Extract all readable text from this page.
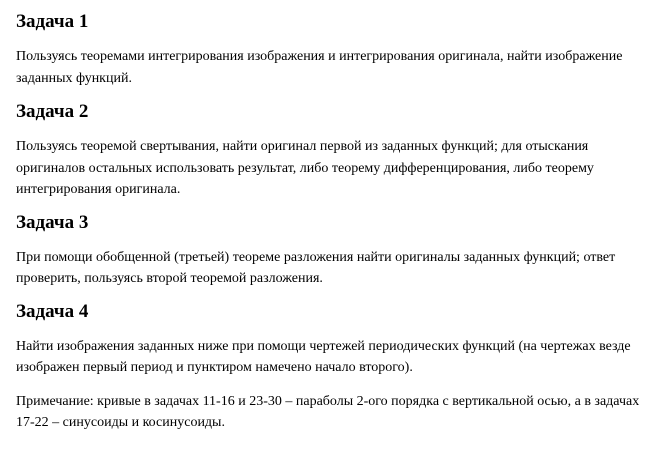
Задача 1

Пользуясь теоремами интегрирования изображения и интегрирования оригинала, найти изображение заданных функций.

Задача 2

Пользуясь теоремой свертывания, найти оригинал первой из заданных функций; для отыскания оригиналов остальных использовать результат, либо теорему дифференцирования, либо теорему интегрирования оригинала.

Задача 3

При помощи обобщенной (третьей) теореме разложения найти оригиналы заданных функций; ответ проверить, пользуясь второй теоремой разложения.

Задача 4

Найти изображения заданных ниже при помощи чертежей периодических функций (на чертежах везде изображен первый период и пунктиром намечено начало второго).

Примечание: кривые в задачах 11-16 и 23-30 – параболы 2-ого порядка с вертикальной осью, а в задачах 17-22 – синусоиды и косинусоиды.
